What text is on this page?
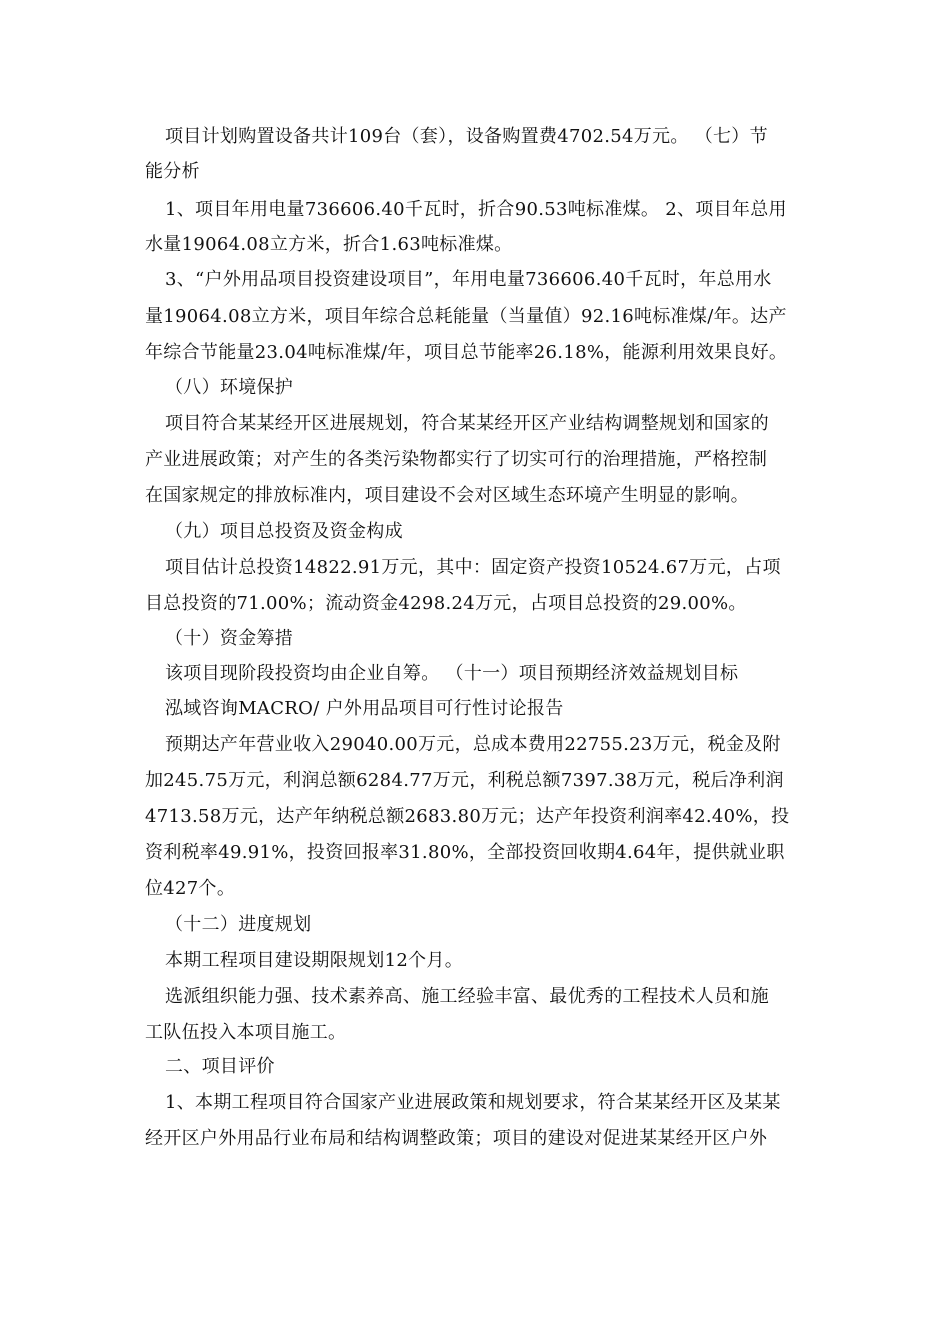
项目计划购置设备共计109台（套），设备购置费4702.54万元。 （七）节
能分析
1、项目年用电量736606.40千瓦时，折合90.53吨标准煤。 2、项目年总用
水量19064.08立方米，折合1.63吨标准煤。
3、“户外用品项目投资建设项目”，年用电量736606.40千瓦时，年总用水
量19064.08立方米，项目年综合总耗能量（当量值）92.16吨标准煤/年。达产
年综合节能量23.04吨标准煤/年，项目总节能率26.18%，能源利用效果良好。
（八）环境保护
项目符合某某经开区进展规划，符合某某经开区产业结构调整规划和国家的
产业进展政策；对产生的各类污染物都实行了切实可行的治理措施，严格控制
在国家规定的排放标准内，项目建设不会对区域生态环境产生明显的影响。
（九）项目总投资及资金构成
项目估计总投资14822.91万元，其中：固定资产投资10524.67万元，占项
目总投资的71.00%；流动资金4298.24万元，占项目总投资的29.00%。
（十）资金筹措
该项目现阶段投资均由企业自筹。 （十一）项目预期经济效益规划目标
泓域咨询MACRO/ 户外用品项目可行性讨论报告
预期达产年营业收入29040.00万元，总成本费用22755.23万元，税金及附
加245.75万元，利润总额6284.77万元，利税总额7397.38万元，税后净利润
4713.58万元，达产年纳税总额2683.80万元；达产年投资利润率42.40%，投
资利税率49.91%，投资回报率31.80%，全部投资回收期4.64年，提供就业职
位427个。
（十二）进度规划
本期工程项目建设期限规划12个月。
选派组织能力强、技术素养高、施工经验丰富、最优秀的工程技术人员和施
工队伍投入本项目施工。
二、项目评价
1、本期工程项目符合国家产业进展政策和规划要求，符合某某经开区及某某
经开区户外用品行业布局和结构调整政策；项目的建设对促进某某经开区户外
